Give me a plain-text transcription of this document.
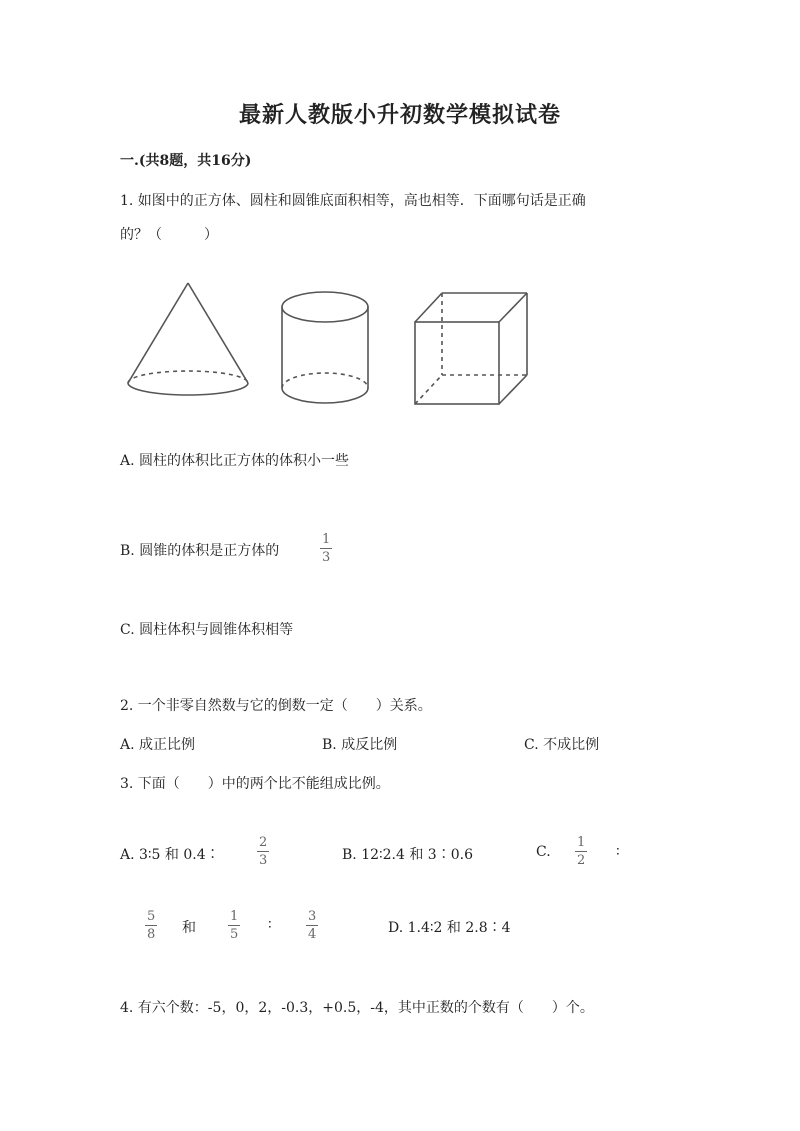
最新人教版小升初数学模拟试卷
一.(共8题，共16分)
1. 如图中的正方体、圆柱和圆锥底面积相等，高也相等．下面哪句话是正确
的？（　　　）
A. 圆柱的体积比正方体的体积小一些
B. 圆锥的体积是正方体的	$\frac{1}{3}$
C. 圆柱体积与圆锥体积相等
2. 一个非零自然数与它的倒数一定（　　）关系。
A. 成正比例	B. 成反比例	C. 不成比例
3. 下面（　　）中的两个比不能组成比例。
A. 3∶5 和 0.4∶	$\frac{2}{3}$	B. 12∶2.4 和 3∶0.6	C. $\frac{1}{2}$ ∶
$\frac{5}{8}$ 和 $\frac{1}{5}$ ∶	$\frac{3}{4}$	D. 1.4∶2 和 2.8∶4
4. 有六个数：-5，0，2，-0.3，+0.5，-4，其中正数的个数有（　　）个。
